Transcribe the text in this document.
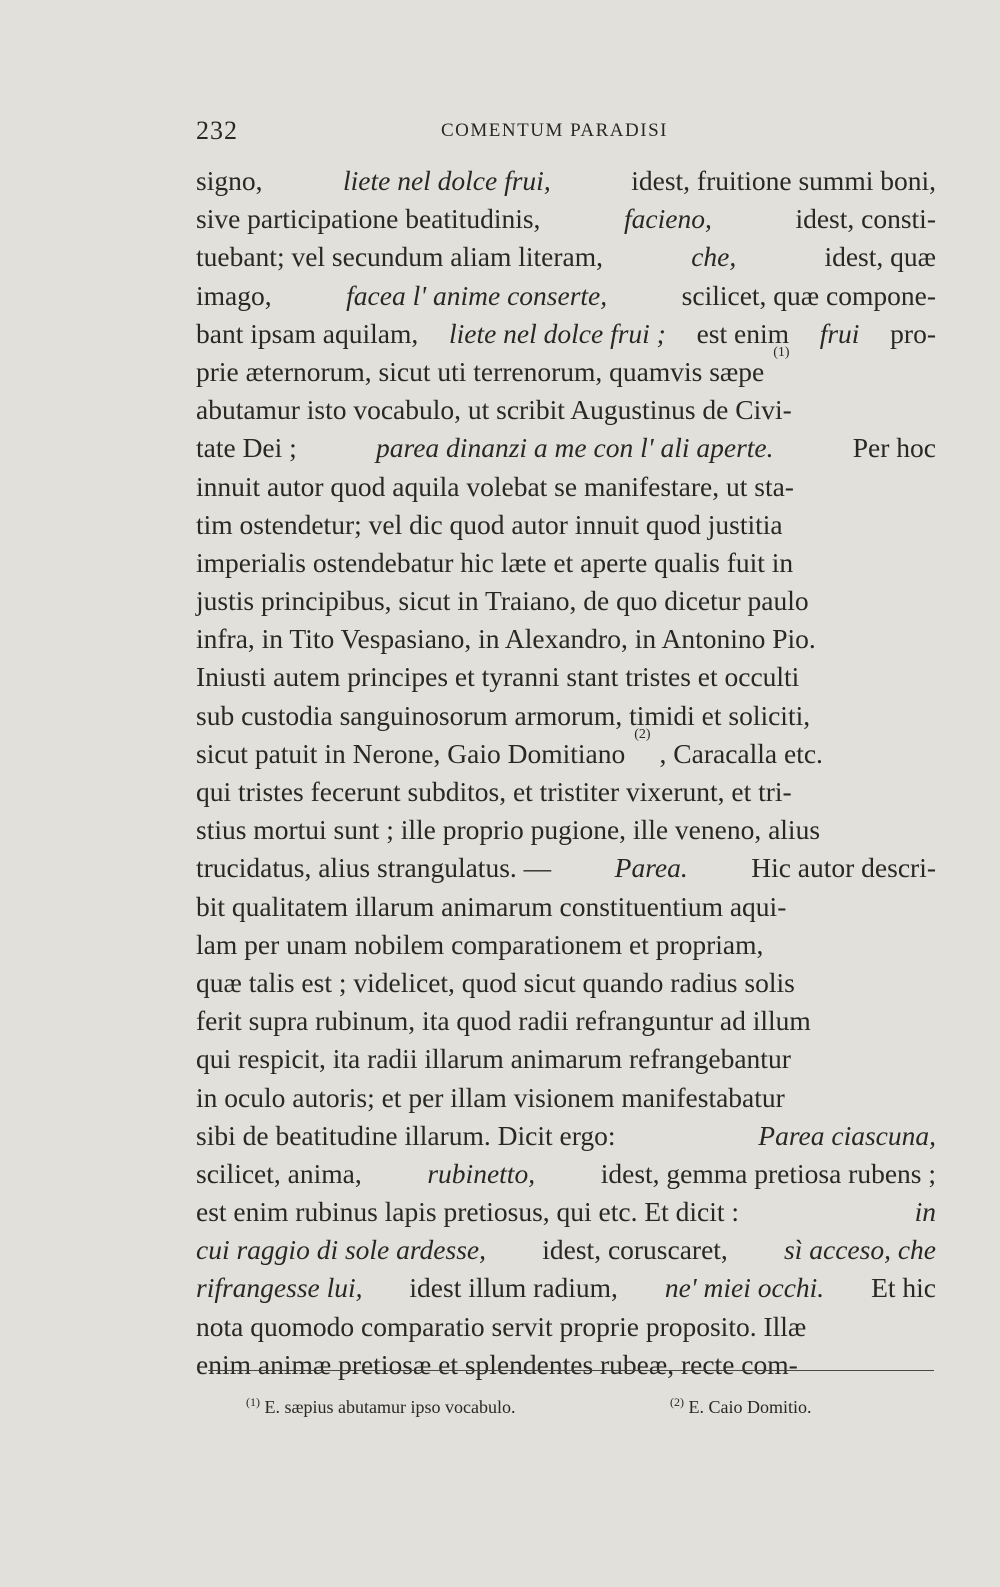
232	COMENTUM PARADISI
signo,	liete nel dolce frui,	idest, fruitione summi boni,
sive participatione beatitudinis,	facieno,	idest, consti-
tuebant; vel secundum aliam literam,	che,	idest, quæ
imago,	facea l' anime conserte,	scilicet, quæ compone-
bant ipsam aquilam, liete nel dolce frui ; est enim frui pro-
prie æternorum, sicut uti terrenorum, quamvis sæpe
(1)
abutamur isto vocabulo, ut scribit Augustinus de Civi-
tate Dei ;	parea dinanzi a me con l' ali aperte.	Per hoc
innuit autor quod aquila volebat se manifestare, ut sta-
tim ostendetur; vel dic quod autor innuit quod justitia
imperialis ostendebatur hic læte et aperte qualis fuit in
justis principibus, sicut in Traiano, de quo dicetur paulo
infra, in Tito Vespasiano, in Alexandro, in Antonino Pio.
Iniusti autem principes et tyranni stant tristes et occulti
sub custodia sanguinosorum armorum, timidi et soliciti,
sicut patuit in Nerone, Gaio Domitiano
(2)
, Caracalla etc.
qui tristes fecerunt subditos, et tristiter vixerunt, et tri-
stius mortui sunt ; ille proprio pugione, ille veneno, alius
trucidatus, alius strangulatus. — Parea. Hic autor descri-
bit qualitatem illarum animarum constituentium aqui-
lam per unam nobilem comparationem et propriam,
quæ talis est ; videlicet, quod sicut quando radius solis
ferit supra rubinum, ita quod radii refranguntur ad illum
qui respicit, ita radii illarum animarum refrangebantur
in oculo autoris; et per illam visionem manifestabatur
sibi de beatitudine illarum. Dicit ergo:	Parea ciascuna,
scilicet, anima, rubinetto, idest, gemma pretiosa rubens ;
est enim rubinus lapis pretiosus, qui etc. Et dicit :	in
cui raggio di sole ardesse, idest, coruscaret, sì acceso, che
rifrangesse lui, idest illum radium, ne' miei occhi. Et hic
nota quomodo comparatio servit proprie proposito. Illæ
enim animæ pretiosæ et splendentes rubeæ, recte com-
$^{(1)}$ E. sæpius abutamur ipso vocabulo.	$^{(2)}$ E. Caio Domitio.
